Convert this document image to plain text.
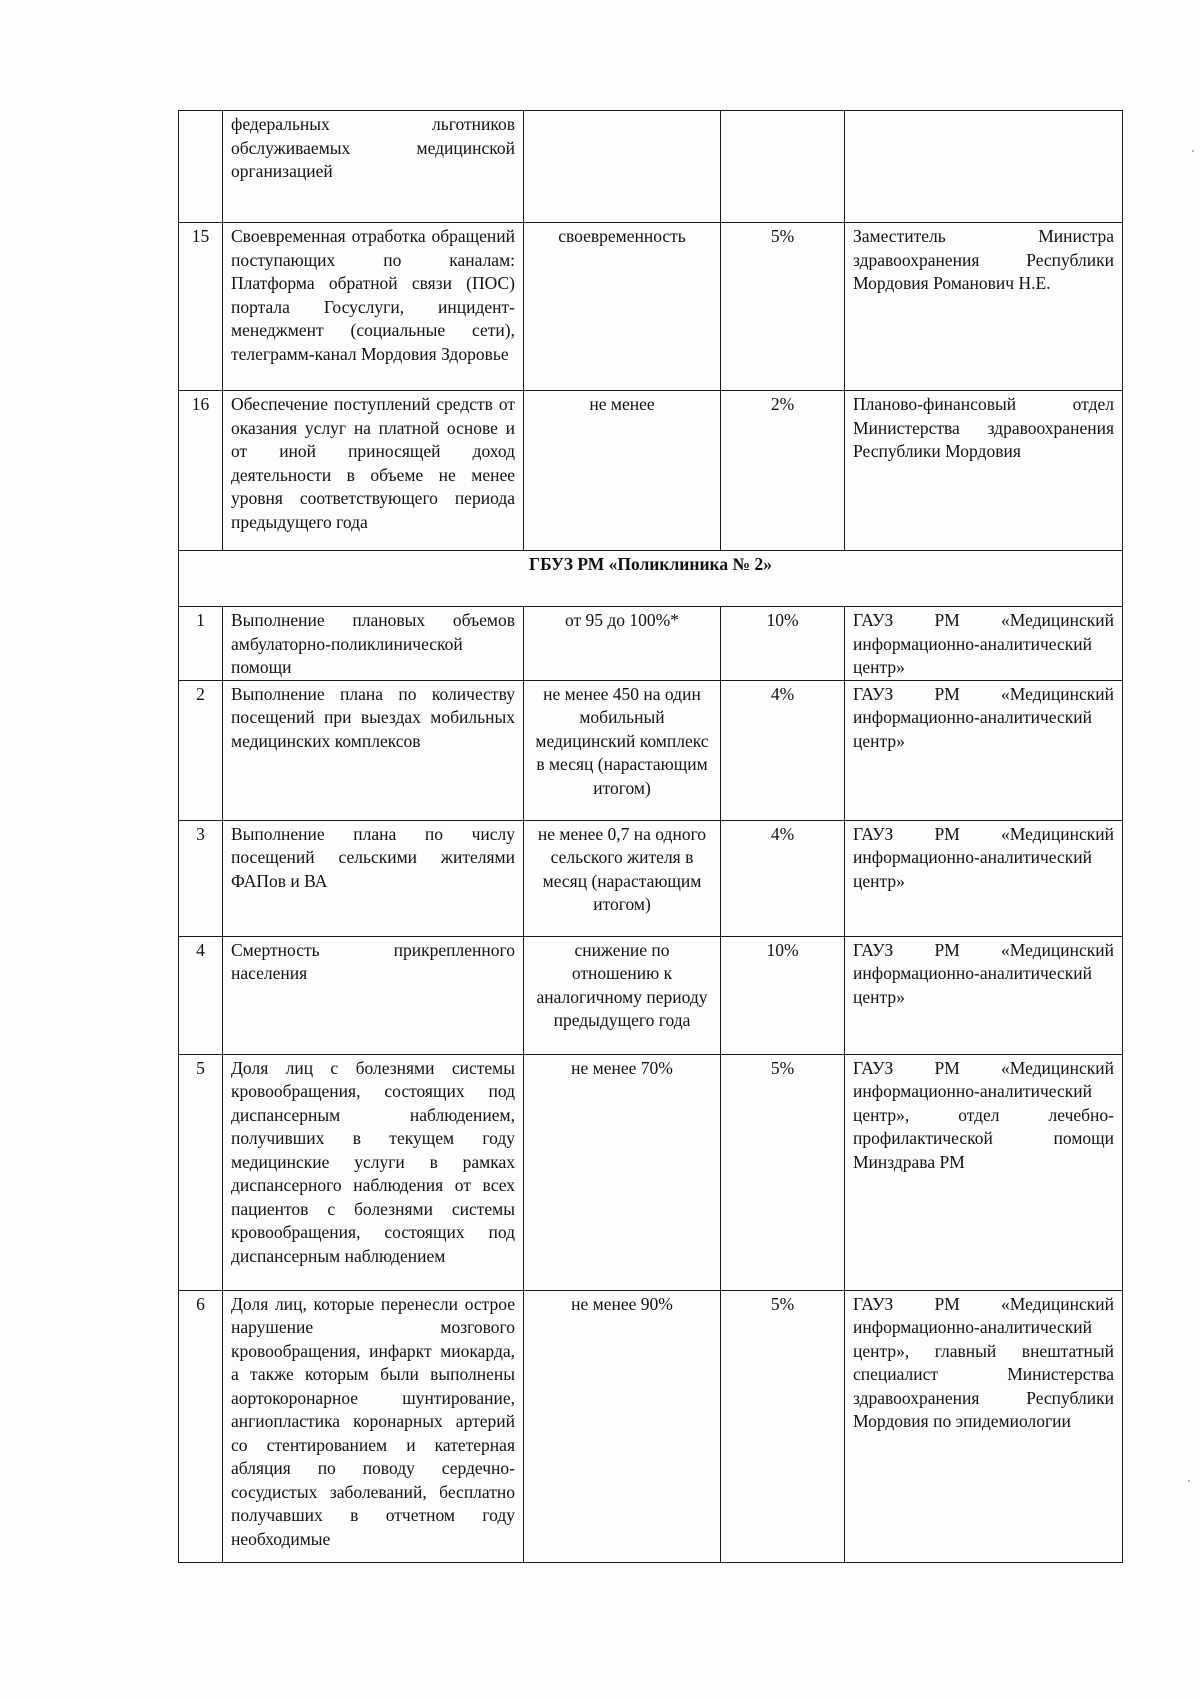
	федеральных льготников обслуживаемых медицинской организацией			
15	Своевременная отработка обращений поступающих по каналам: Платформа обратной связи (ПОС) портала Госуслуги, инцидент-менеджмент (социальные сети), телеграмм-канал Мордовия Здоровье	своевременность	5%	Заместитель Министра здравоохранения Республики Мордовия Романович Н.Е.
16	Обеспечение поступлений средств от оказания услуг на платной основе и от иной приносящей доход деятельности в объеме не менее уровня соответствующего периода предыдущего года	не менее	2%	Планово-финансовый отдел Министерства здравоохранения Республики Мордовия
ГБУЗ РМ «Поликлиника № 2»				
1	Выполнение плановых объемов амбулаторно-поликлинической помощи	от 95 до 100%*	10%	ГАУЗ РМ «Медицинский информационно-аналитический центр»
2	Выполнение плана по количеству посещений при выездах мобильных медицинских комплексов	не менее 450 на один мобильный медицинский комплекс в месяц (нарастающим итогом)	4%	ГАУЗ РМ «Медицинский информационно-аналитический центр»
3	Выполнение плана по числу посещений сельскими жителями ФАПов и ВА	не менее 0,7 на одного сельского жителя в месяц (нарастающим итогом)	4%	ГАУЗ РМ «Медицинский информационно-аналитический центр»
4	Смертность прикрепленного населения	снижение по отношению к аналогичному периоду предыдущего года	10%	ГАУЗ РМ «Медицинский информационно-аналитический центр»
5	Доля лиц с болезнями системы кровообращения, состоящих под диспансерным наблюдением, получивших в текущем году медицинские услуги в рамках диспансерного наблюдения от всех пациентов с болезнями системы кровообращения, состоящих под диспансерным наблюдением	не менее 70%	5%	ГАУЗ РМ «Медицинский информационно-аналитический центр», отдел лечебно-профилактической помощи Минздрава РМ
6	Доля лиц, которые перенесли острое нарушение мозгового кровообращения, инфаркт миокарда, а также которым были выполнены аортокоронарное шунтирование, ангиопластика коронарных артерий со стентированием и катетерная абляция по поводу сердечно-сосудистых заболеваний, бесплатно получавших в отчетном году необходимые	не менее 90%	5%	ГАУЗ РМ «Медицинский информационно-аналитический центр», главный внештатный специалист Министерства здравоохранения Республики Мордовия по эпидемиологии
